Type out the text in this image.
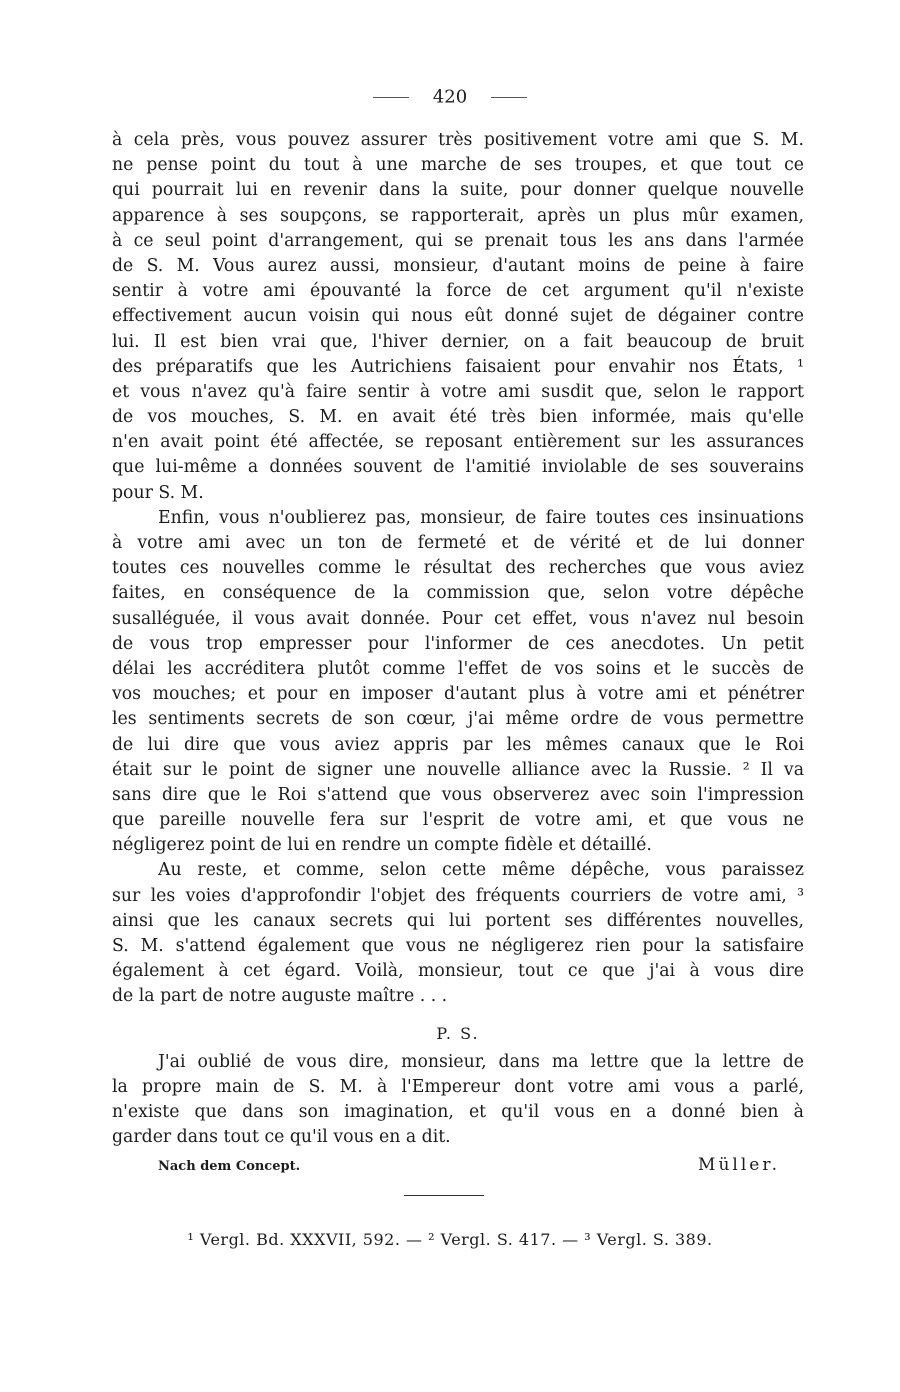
420
à cela près, vous pouvez assurer très positivement votre ami que S. M.
ne pense point du tout à une marche de ses troupes, et que tout ce
qui pourrait lui en revenir dans la suite, pour donner quelque nouvelle
apparence à ses soupçons, se rapporterait, après un plus mûr examen,
à ce seul point d'arrangement, qui se prenait tous les ans dans l'armée
de S. M. Vous aurez aussi, monsieur, d'autant moins de peine à faire
sentir à votre ami épouvanté la force de cet argument qu'il n'existe
effectivement aucun voisin qui nous eût donné sujet de dégainer contre
lui. Il est bien vrai que, l'hiver dernier, on a fait beaucoup de bruit
des préparatifs que les Autrichiens faisaient pour envahir nos États, ¹
et vous n'avez qu'à faire sentir à votre ami susdit que, selon le rapport
de vos mouches, S. M. en avait été très bien informée, mais qu'elle
n'en avait point été affectée, se reposant entièrement sur les assurances
que lui-même a données souvent de l'amitié inviolable de ses souverains
pour S. M.
Enfin, vous n'oublierez pas, monsieur, de faire toutes ces insinuations
à votre ami avec un ton de fermeté et de vérité et de lui donner
toutes ces nouvelles comme le résultat des recherches que vous aviez
faites, en conséquence de la commission que, selon votre dépêche
susalléguée, il vous avait donnée. Pour cet effet, vous n'avez nul besoin
de vous trop empresser pour l'informer de ces anecdotes. Un petit
délai les accréditera plutôt comme l'effet de vos soins et le succès de
vos mouches; et pour en imposer d'autant plus à votre ami et pénétrer
les sentiments secrets de son cœur, j'ai même ordre de vous permettre
de lui dire que vous aviez appris par les mêmes canaux que le Roi
était sur le point de signer une nouvelle alliance avec la Russie. ² Il va
sans dire que le Roi s'attend que vous observerez avec soin l'impression
que pareille nouvelle fera sur l'esprit de votre ami, et que vous ne
négligerez point de lui en rendre un compte fidèle et détaillé.
Au reste, et comme, selon cette même dépêche, vous paraissez
sur les voies d'approfondir l'objet des fréquents courriers de votre ami, ³
ainsi que les canaux secrets qui lui portent ses différentes nouvelles,
S. M. s'attend également que vous ne négligerez rien pour la satisfaire
également à cet égard. Voilà, monsieur, tout ce que j'ai à vous dire
de la part de notre auguste maître . . .
P. S.
J'ai oublié de vous dire, monsieur, dans ma lettre que la lettre de
la propre main de S. M. à l'Empereur dont votre ami vous a parlé,
n'existe que dans son imagination, et qu'il vous en a donné bien à
garder dans tout ce qu'il vous en a dit.
Nach dem Concept.	Müller.
¹ Vergl. Bd. XXXVII, 592. — ² Vergl. S. 417. — ³ Vergl. S. 389.
